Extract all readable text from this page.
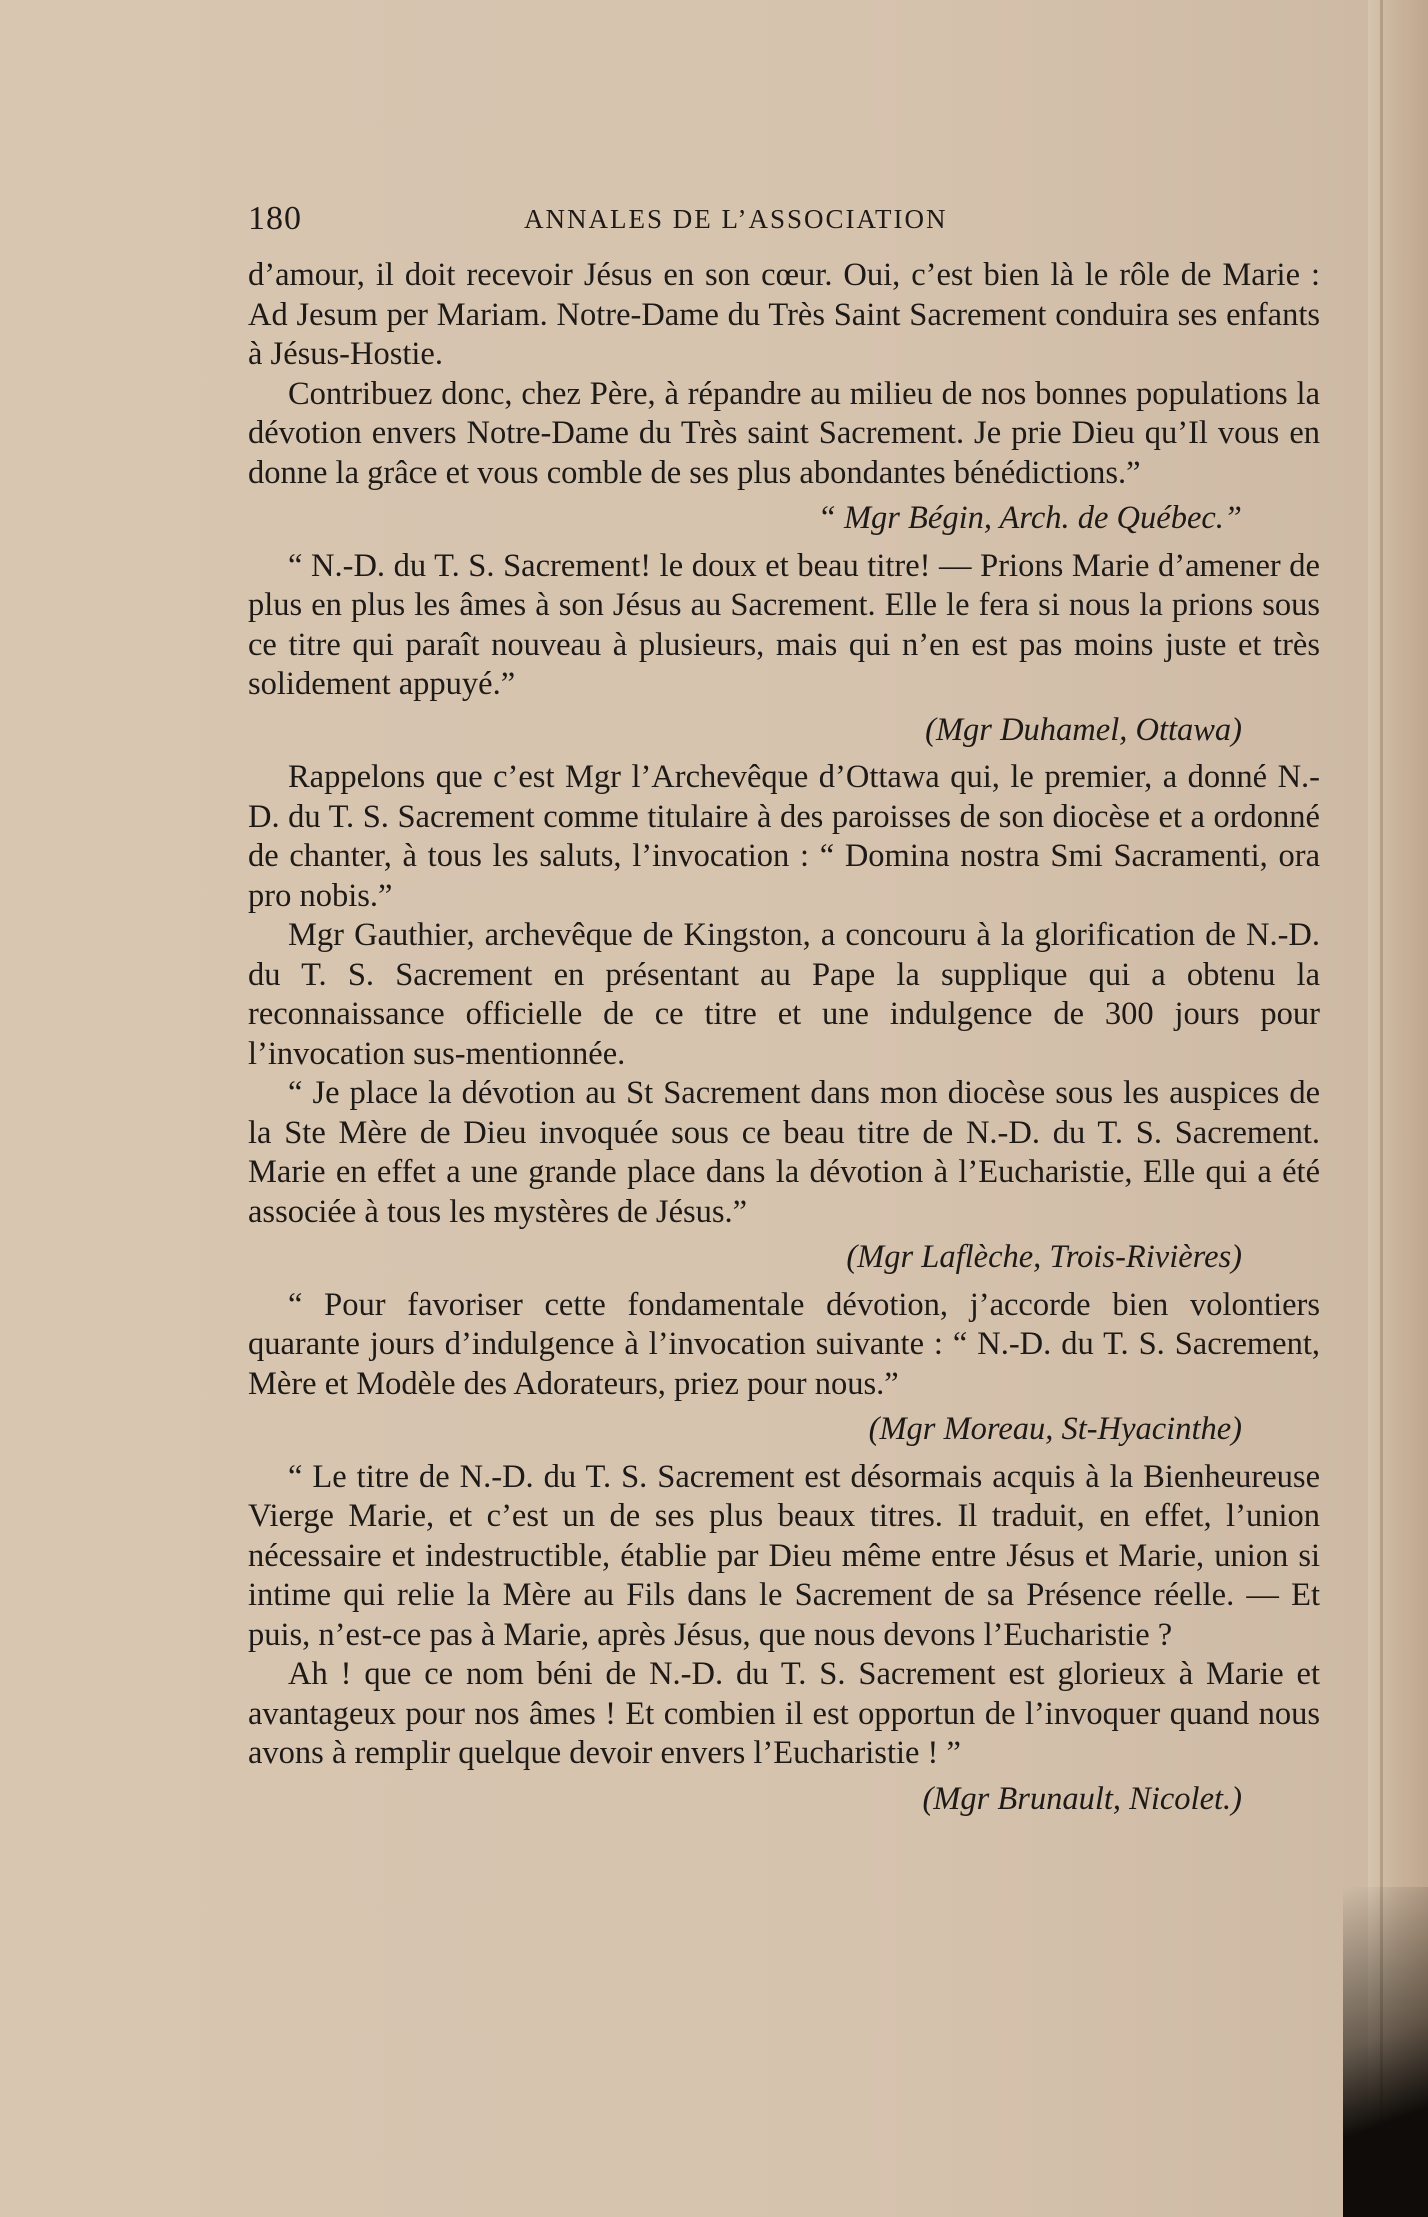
180	ANNALES DE L’ASSOCIATION

d’amour, il doit recevoir Jésus en son cœur. Oui, c’est bien là le rôle de Marie : Ad Jesum per Mariam. Notre-Dame du Très Saint Sacrement conduira ses enfants à Jésus-Hostie.

Contribuez donc, chez Père, à répandre au milieu de nos bonnes populations la dévotion envers Notre-Dame du Très saint Sacrement. Je prie Dieu qu’Il vous en donne la grâce et vous comble de ses plus abondantes bénédictions.”

“ Mgr Bégin, Arch. de Québec.”

“ N.-D. du T. S. Sacrement! le doux et beau titre! — Prions Marie d’amener de plus en plus les âmes à son Jésus au Sacrement. Elle le fera si nous la prions sous ce titre qui paraît nouveau à plusieurs, mais qui n’en est pas moins juste et très solidement appuyé.”

(Mgr Duhamel, Ottawa)

Rappelons que c’est Mgr l’Archevêque d’Ottawa qui, le premier, a donné N.-D. du T. S. Sacrement comme titulaire à des paroisses de son diocèse et a ordonné de chanter, à tous les saluts, l’invocation : “ Domina nostra Smi Sacramenti, ora pro nobis.”

Mgr Gauthier, archevêque de Kingston, a concouru à la glorification de N.-D. du T. S. Sacrement en présentant au Pape la supplique qui a obtenu la reconnaissance officielle de ce titre et une indulgence de 300 jours pour l’invocation sus-mentionnée.

“ Je place la dévotion au St Sacrement dans mon diocèse sous les auspices de la Ste Mère de Dieu invoquée sous ce beau titre de N.-D. du T. S. Sacrement. Marie en effet a une grande place dans la dévotion à l’Eucharistie, Elle qui a été associée à tous les mystères de Jésus.”

(Mgr Laflèche, Trois-Rivières)

“ Pour favoriser cette fondamentale dévotion, j’accorde bien volontiers quarante jours d’indulgence à l’invocation suivante : “ N.-D. du T. S. Sacrement, Mère et Modèle des Adorateurs, priez pour nous.”

(Mgr Moreau, St-Hyacinthe)

“ Le titre de N.-D. du T. S. Sacrement est désormais acquis à la Bienheureuse Vierge Marie, et c’est un de ses plus beaux titres. Il traduit, en effet, l’union nécessaire et indestructible, établie par Dieu même entre Jésus et Marie, union si intime qui relie la Mère au Fils dans le Sacrement de sa Présence réelle. — Et puis, n’est-ce pas à Marie, après Jésus, que nous devons l’Eucharistie ?

Ah ! que ce nom béni de N.-D. du T. S. Sacrement est glorieux à Marie et avantageux pour nos âmes ! Et combien il est opportun de l’invoquer quand nous avons à remplir quelque devoir envers l’Eucharistie ! ”

(Mgr Brunault, Nicolet.)
